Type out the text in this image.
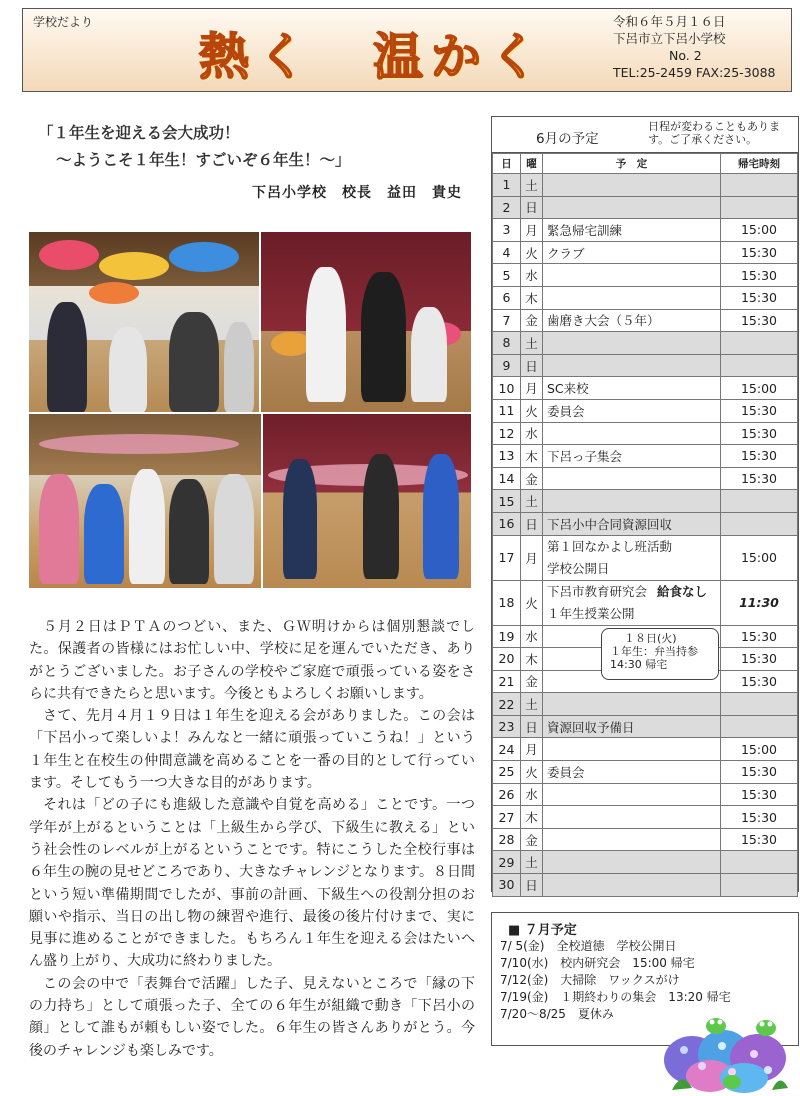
学校だより
熱く　温かく
令和６年５月１６日
下呂市立下呂小学校
No. 2
TEL:25-2459 FAX:25-3088
「１年生を迎える会大成功！
～ようこそ１年生！すごいぞ６年生！～」
下呂小学校　校長　益田　貴史

５月２日はＰＴＡのつどい、また、ＧＷ明けからは個別懇談でした。保護者の皆様にはお忙しい中、学校に足を運んでいただき、ありがとうございました。お子さんの学校やご家庭で頑張っている姿をさらに共有できたらと思います。今後ともよろしくお願いします。

さて、先月４月１９日は１年生を迎える会がありました。この会は「下呂小って楽しいよ！みんなと一緒に頑張っていこうね！」という１年生と在校生の仲間意識を高めることを一番の目的として行っています。そしてもう一つ大きな目的があります。

それは「どの子にも進級した意識や自覚を高める」ことです。一つ学年が上がるということは「上級生から学び、下級生に教える」という社会性のレベルが上がるということです。特にこうした全校行事は６年生の腕の見せどころであり、大きなチャレンジとなります。８日間という短い準備期間でしたが、事前の計画、下級生への役割分担のお願いや指示、当日の出し物の練習や進行、最後の後片付けまで、実に見事に進めることができました。もちろん１年生を迎える会はたいへん盛り上がり、大成功に終わりました。

この会の中で「表舞台で活躍」した子、見えないところで「縁の下の力持ち」として頑張った子、全ての６年生が組織で動き「下呂小の顔」として誰もが頼もしい姿でした。６年生の皆さんありがとう。今後のチャレンジも楽しみです。

6月の予定
日程が変わることもあります。ご了承ください。
日	曜	予　定	帰宅時刻
1	土		
2	日		
3	月	緊急帰宅訓練	15:00
4	火	クラブ	15:30
5	水		15:30
6	木		15:30
7	金	歯磨き大会（５年）	15:30
8	土		
9	日		
10	月	SC来校	15:00
11	火	委員会	15:30
12	水		15:30
13	木	下呂っ子集会	15:30
14	金		15:30
15	土		
16	日	下呂小中合同資源回収	
17	月	第１回なかよし班活動
学校公開日	15:00
18	火	下呂市教育研究会 給食なし
１年生授業公開	11:30
19	水		15:30
20	木		15:30
21	金		15:30
22	土		
23	日	資源回収予備日	
24	月		15:00
25	火	委員会	15:30
26	水		15:30
27	木		15:30
28	金		15:30
29	土		
30	日		
１８日(火)
１年生：弁当持参
14:30 帰宅
■ ７月予定
7/ 5(金)　全校道徳　学校公開日
7/10(水)　校内研究会　15:00 帰宅
7/12(金)　大掃除　ワックスがけ
7/19(金)　１期終わりの集会　13:20 帰宅
7/20～8/25　夏休み
